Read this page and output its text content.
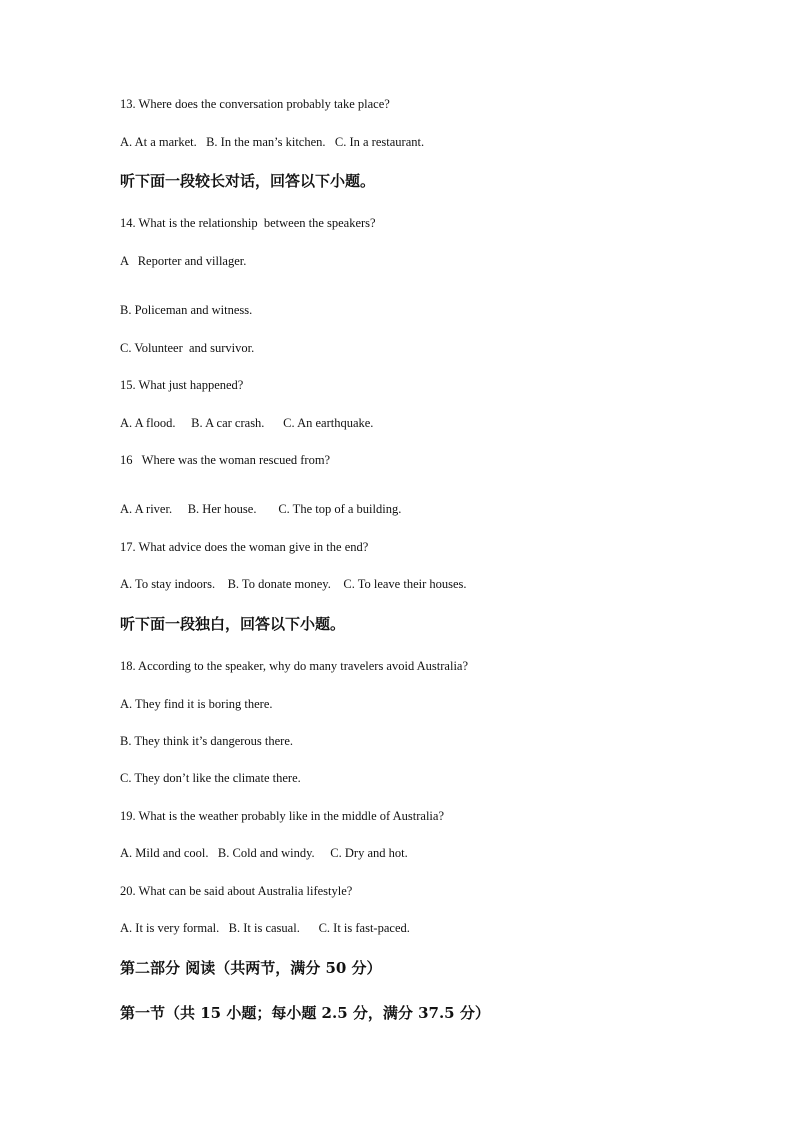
13. Where does the conversation probably take place?
A. At a market.   B. In the man’s kitchen.   C. In a restaurant.
听下面一段较长对话，回答以下小题。
14. What is the relationship  between the speakers?
A   Reporter and villager.
B. Policeman and witness.
C. Volunteer  and survivor.
15. What just happened?
A. A flood.     B. A car crash.      C. An earthquake.
16   Where was the woman rescued from?
A. A river.     B. Her house.       C. The top of a building.
17. What advice does the woman give in the end?
A. To stay indoors.    B. To donate money.    C. To leave their houses.
听下面一段独白，回答以下小题。
18. According to the speaker, why do many travelers avoid Australia?
A. They find it is boring there.
B. They think it’s dangerous there.
C. They don’t like the climate there.
19. What is the weather probably like in the middle of Australia?
A. Mild and cool.   B. Cold and windy.     C. Dry and hot.
20. What can be said about Australia lifestyle?
A. It is very formal.   B. It is casual.      C. It is fast-paced.
第二部分 阅读（共两节，满分 50 分）
第一节（共 15 小题；每小题 2.5 分，满分 37.5 分）
